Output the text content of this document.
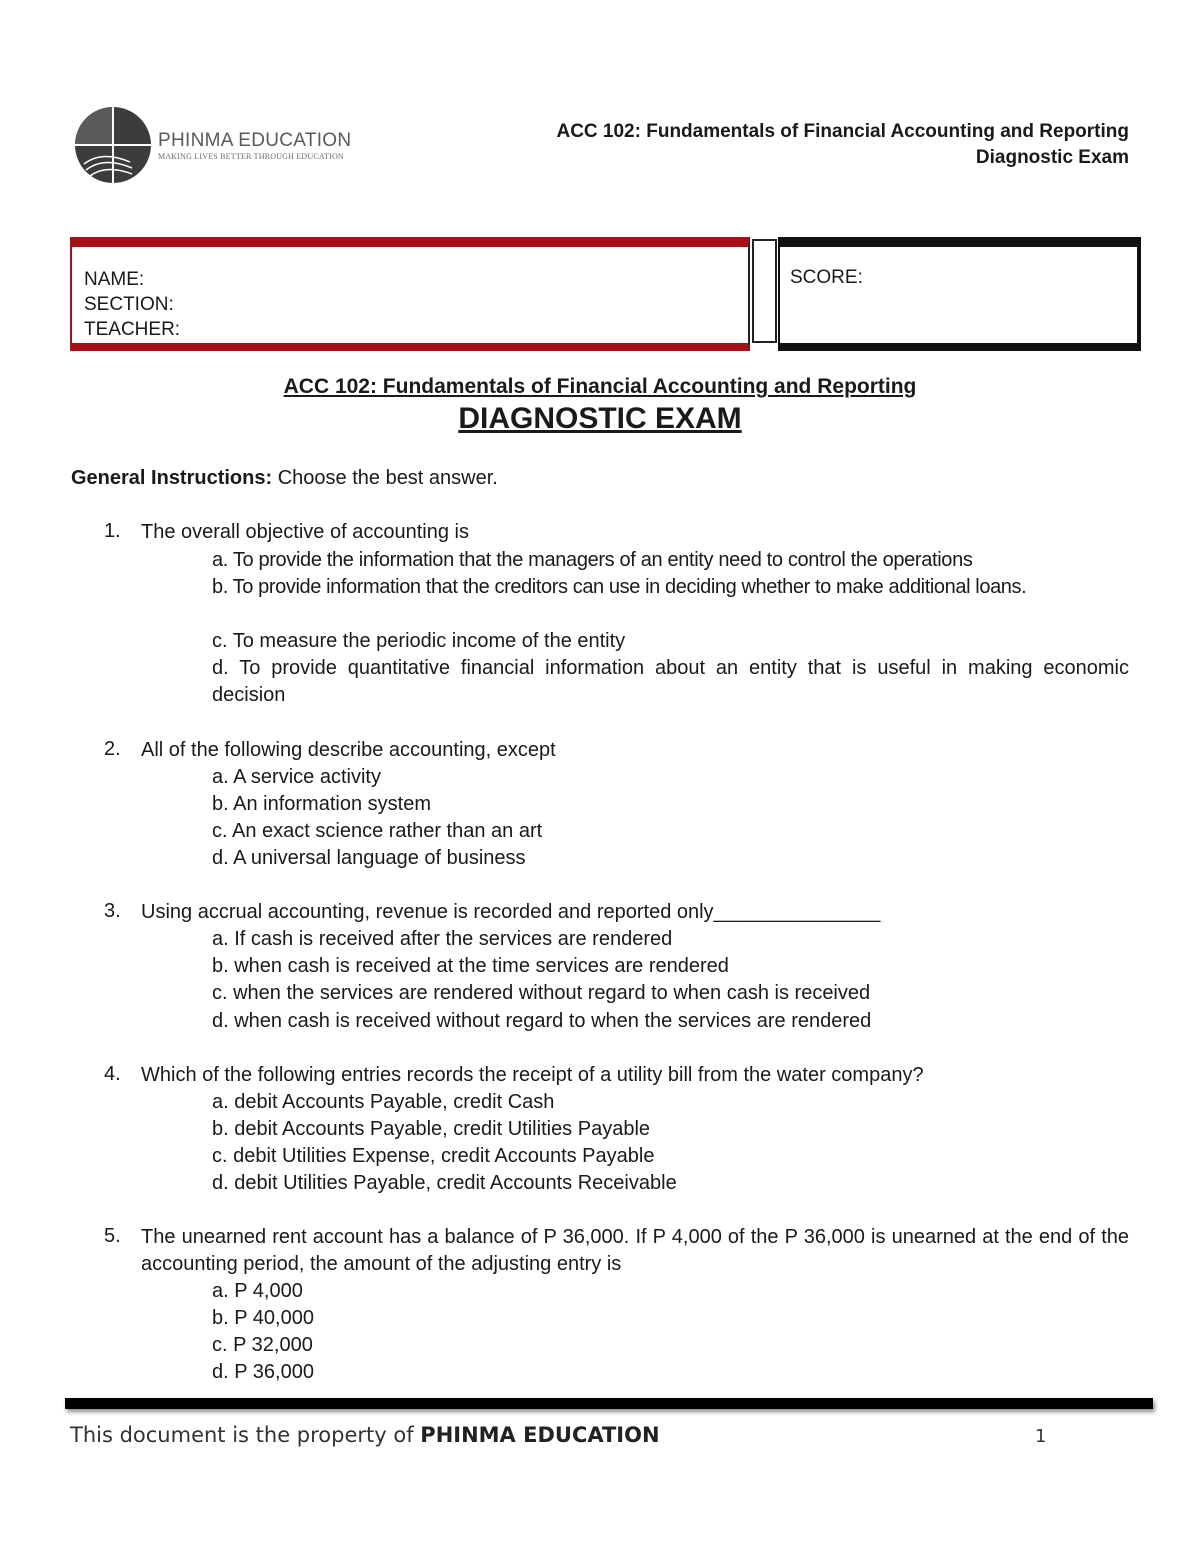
PHINMA EDUCATION
MAKING LIVES BETTER THROUGH EDUCATION
ACC 102: Fundamentals of Financial Accounting and Reporting
Diagnostic Exam
NAME:
SECTION:
TEACHER:
SCORE:
ACC 102: Fundamentals of Financial Accounting and Reporting
DIAGNOSTIC EXAM
General Instructions: Choose the best answer.
1. The overall objective of accounting is
a. To provide the information that the managers of an entity need to control the operations
b. To provide information that the creditors can use in deciding whether to make additional loans.
c. To measure the periodic income of the entity
d. To provide quantitative financial information about an entity that is useful in making economic decision
2. All of the following describe accounting, except
a. A service activity
b. An information system
c. An exact science rather than an art
d. A universal language of business
3. Using accrual accounting, revenue is recorded and reported only_______________
a. If cash is received after the services are rendered
b. when cash is received at the time services are rendered
c. when the services are rendered without regard to when cash is received
d. when cash is received without regard to when the services are rendered
4. Which of the following entries records the receipt of a utility bill from the water company?
a. debit Accounts Payable, credit Cash
b. debit Accounts Payable, credit Utilities Payable
c. debit Utilities Expense, credit Accounts Payable
d. debit Utilities Payable, credit Accounts Receivable
5. The unearned rent account has a balance of P 36,000. If P 4,000 of the P 36,000 is unearned at the end of the accounting period, the amount of the adjusting entry is
a. P 4,000
b. P 40,000
c. P 32,000
d. P 36,000
This document is the property of PHINMA EDUCATION	1
